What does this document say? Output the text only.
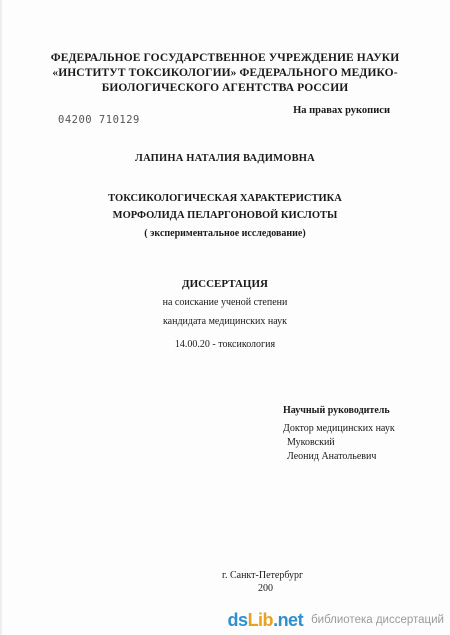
ФЕДЕРАЛЬНОЕ ГОСУДАРСТВЕННОЕ УЧРЕЖДЕНИЕ НАУКИ
«ИНСТИТУТ ТОКСИКОЛОГИИ» ФЕДЕРАЛЬНОГО МЕДИКО-
БИОЛОГИЧЕСКОГО АГЕНТСТВА РОССИИ
На правах рукописи
04200 710129
ЛАПИНА НАТАЛИЯ ВАДИМОВНА
ТОКСИКОЛОГИЧЕСКАЯ ХАРАКТЕРИСТИКА
МОРФОЛИДА ПЕЛАРГОНОВОЙ КИСЛОТЫ
( экспериментальное исследование)
ДИССЕРТАЦИЯ
на соискание ученой степени
кандидата медицинских наук
14.00.20 - токсикология
Научный руководитель
Доктор медицинских наук
Муковский
Леонид Анатольевич
г. Санкт-Петербург
200
dsLib.net библиотека диссертаций
